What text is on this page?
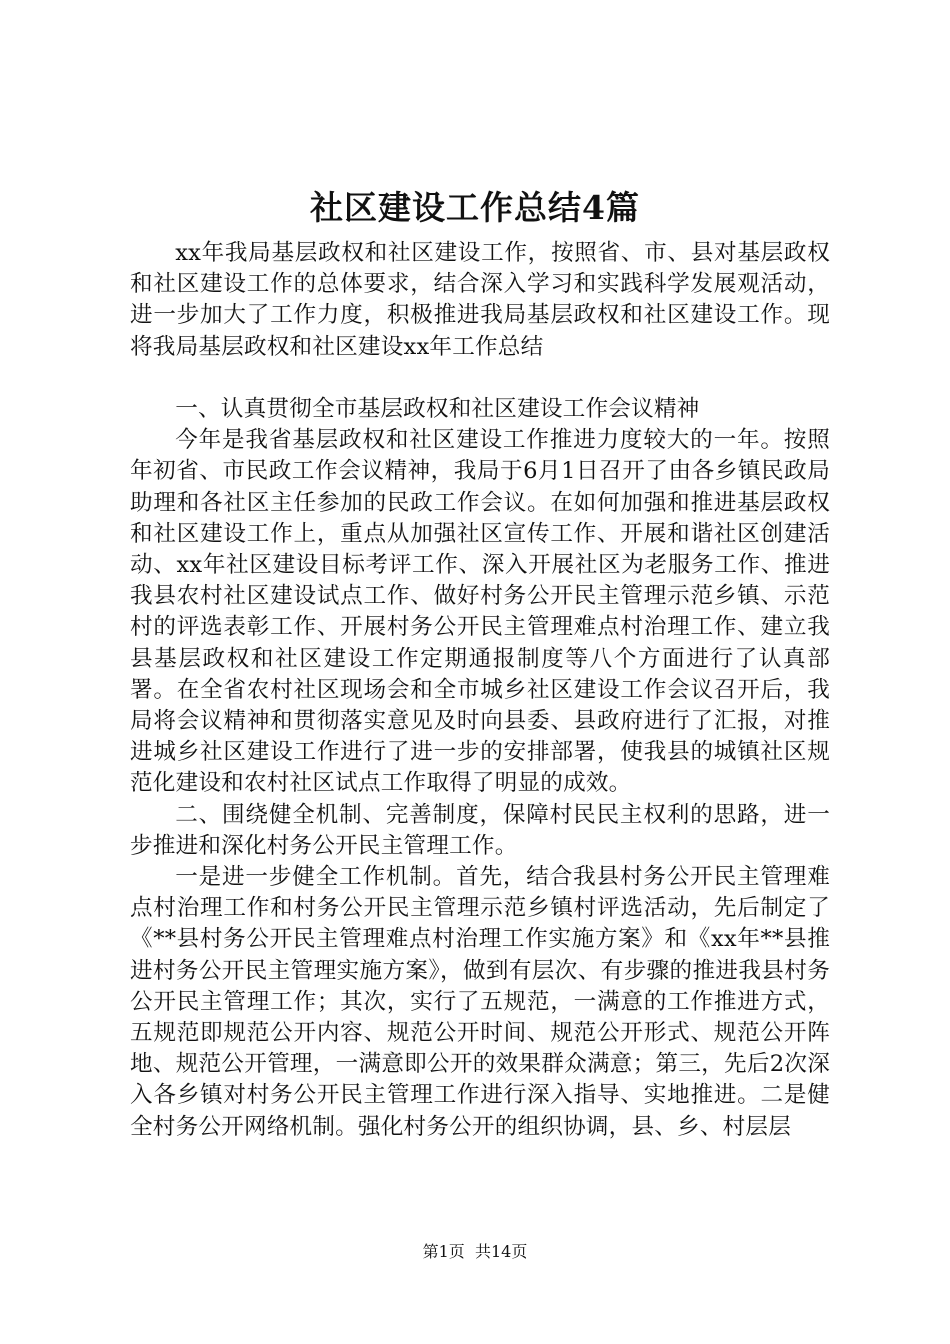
社区建设工作总结4篇

xx年我局基层政权和社区建设工作，按照省、市、县对基层政权和社区建设工作的总体要求，结合深入学习和实践科学发展观活动，进一步加大了工作力度，积极推进我局基层政权和社区建设工作。现将我局基层政权和社区建设xx年工作总结

一、认真贯彻全市基层政权和社区建设工作会议精神

今年是我省基层政权和社区建设工作推进力度较大的一年。按照年初省、市民政工作会议精神，我局于6月1日召开了由各乡镇民政局助理和各社区主任参加的民政工作会议。在如何加强和推进基层政权和社区建设工作上，重点从加强社区宣传工作、开展和谐社区创建活动、xx年社区建设目标考评工作、深入开展社区为老服务工作、推进我县农村社区建设试点工作、做好村务公开民主管理示范乡镇、示范村的评选表彰工作、开展村务公开民主管理难点村治理工作、建立我县基层政权和社区建设工作定期通报制度等八个方面进行了认真部署。在全省农村社区现场会和全市城乡社区建设工作会议召开后，我局将会议精神和贯彻落实意见及时向县委、县政府进行了汇报，对推进城乡社区建设工作进行了进一步的安排部署，使我县的城镇社区规范化建设和农村社区试点工作取得了明显的成效。

二、围绕健全机制、完善制度，保障村民民主权利的思路，进一步推进和深化村务公开民主管理工作。

一是进一步健全工作机制。首先，结合我县村务公开民主管理难点村治理工作和村务公开民主管理示范乡镇村评选活动，先后制定了《**县村务公开民主管理难点村治理工作实施方案》和《xx年**县推进村务公开民主管理实施方案》，做到有层次、有步骤的推进我县村务公开民主管理工作；其次，实行了五规范，一满意的工作推进方式，五规范即规范公开内容、规范公开时间、规范公开形式、规范公开阵地、规范公开管理，一满意即公开的效果群众满意；第三，先后2次深入各乡镇对村务公开民主管理工作进行深入指导、实地推进。二是健全村务公开网络机制。强化村务公开的组织协调，县、乡、村层层

第1页 共14页
